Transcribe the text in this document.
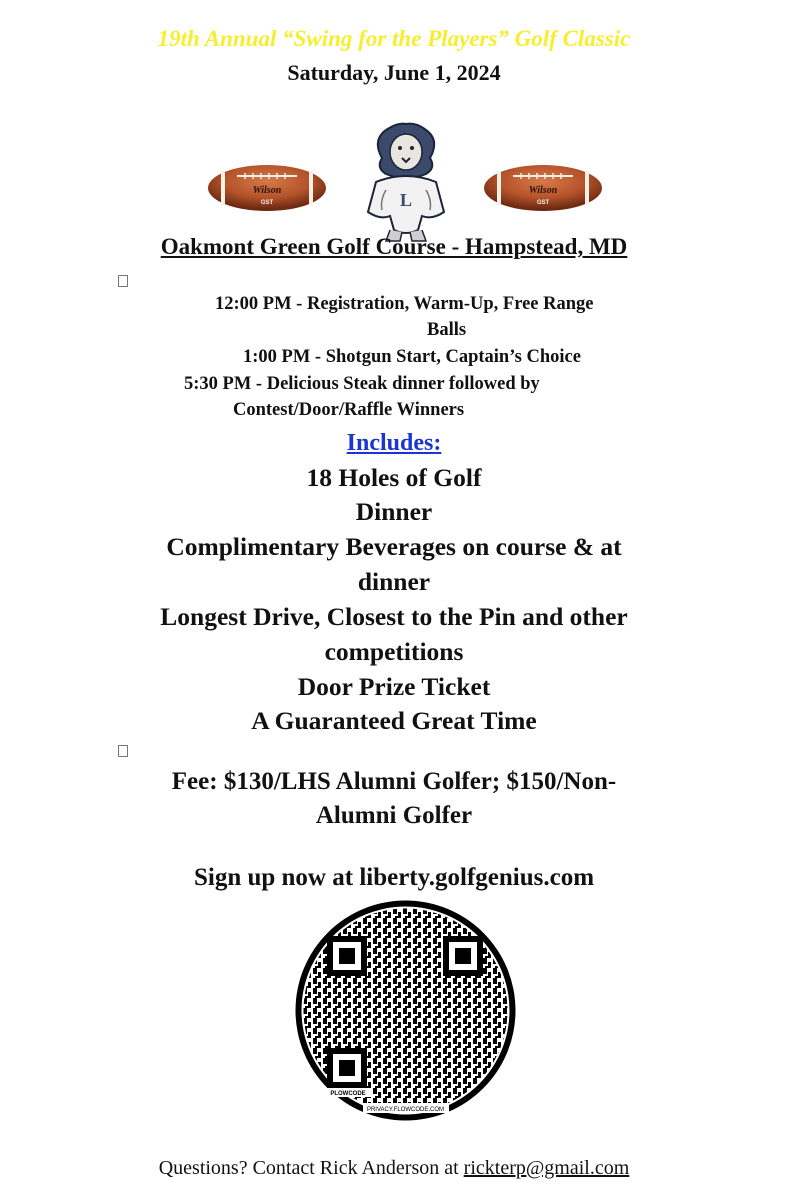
19th Annual “Swing for the Players” Golf Classic
Saturday, June 1, 2024
Wilson
GST	L	Wilson
GST
Oakmont Green Golf Course - Hampstead, MD
12:00 PM - Registration, Warm-Up, Free Range
Balls
1:00 PM - Shotgun Start, Captain’s Choice
5:30 PM - Delicious Steak dinner followed by
Contest/Door/Raffle Winners
Includes:
18 Holes of Golf
Dinner
Complimentary Beverages on course & at
dinner
Longest Drive, Closest to the Pin and other
competitions
Door Prize Ticket
A Guaranteed Great Time
Fee: $130/LHS Alumni Golfer; $150/Non-
Alumni Golfer
Sign up now at liberty.golfgenius.com
PLOWCODE
PRIVACY.FLOWCODE.COM
Questions? Contact Rick Anderson at rickterp@gmail.com
